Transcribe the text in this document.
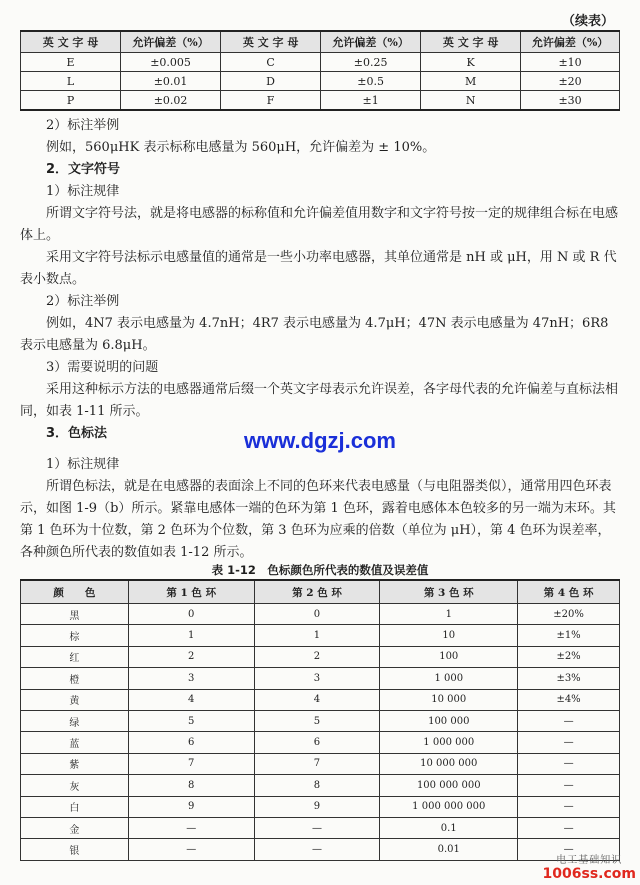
（续表）
英 文 字 母	允许偏差（%）	英 文 字 母	允许偏差（%）	英 文 字 母	允许偏差（%）
E	±0.005	C	±0.25	K	±10
L	±0.01	D	±0.5	M	±20
P	±0.02	F	±1	N	±30

2）标注举例

例如，560μHK 表示标称电感量为 560μH，允许偏差为 ± 10%。

2．文字符号

1）标注规律

所谓文字符号法，就是将电感器的标称值和允许偏差值用数字和文字符号按一定的规律组合标在电感体上。

采用文字符号法标示电感量值的通常是一些小功率电感器，其单位通常是 nH 或 μH，用 N 或 R 代表小数点。

2）标注举例

例如，4N7 表示电感量为 4.7nH；4R7 表示电感量为 4.7μH；47N 表示电感量为 47nH；6R8 表示电感量为 6.8μH。

3）需要说明的问题

采用这种标示方法的电感器通常后缀一个英文字母表示允许误差，各字母代表的允许偏差与直标法相同，如表 1-11 所示。

3．色标法	www.dgzj.com

1）标注规律

所谓色标法，就是在电感器的表面涂上不同的色环来代表电感量（与电阻器类似），通常用四色环表示，如图 1-9（b）所示。紧靠电感体一端的色环为第 1 色环，露着电感体本色较多的另一端为末环。其第 1 色环为十位数，第 2 色环为个位数，第 3 色环为应乘的倍数（单位为 μH），第 4 色环为误差率，各种颜色所代表的数值如表 1-12 所示。

表 1-12　色标颜色所代表的数值及误差值
颜　　色	第 1 色 环	第 2 色 环	第 3 色 环	第 4 色 环
黑	0	0	1	±20%
棕	1	1	10	±1%
红	2	2	100	±2%
橙	3	3	1 000	±3%
黄	4	4	10 000	±4%
绿	5	5	100 000	—
蓝	6	6	1 000 000	—
紫	7	7	10 000 000	—
灰	8	8	100 000 000	—
白	9	9	1 000 000 000	—
金	—	—	0.1	—
银	—	—	0.01	—
电工基础知识
1006ss.com
